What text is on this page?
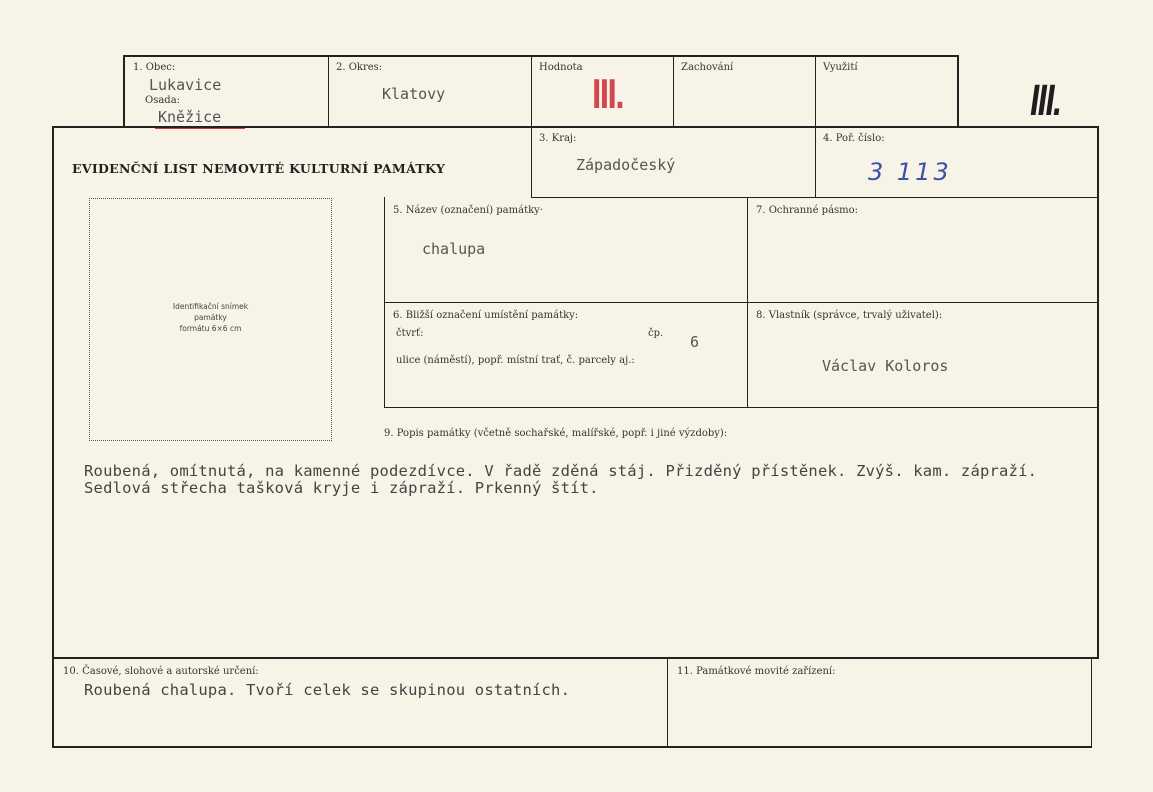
1. Obec:
Lukavice
Osada:
Kněžice
2. Okres:
Klatovy
Hodnota
III.
Zachování	Využití
III.
EVIDENČNÍ LIST NEMOVITÉ KULTURNÍ PAMÁTKY
3. Kraj:
Západočeský
4. Poř. číslo:
3 113
Identifikační snímek
památky
formátu 6×6 cm
5. Název (označení) památky·
chalupa
7. Ochranné pásmo:
6. Bližší označení umístění památky:
čtvrť:	čp. 6
ulice (náměstí), popř. místní trať, č. parcely aj.:
8. Vlastník (správce, trvalý uživatel):
Václav Koloros
9. Popis památky (včetně sochařské, malířské, popř. i jiné výzdoby):
Roubená, omítnutá, na kamenné podezdívce. V řadě zděná stáj. Přizděný přístěnek. Zvýš. kam. zápraží.
Sedlová střecha tašková kryje i zápraží. Prkenný štít.
10. Časové, slohové a autorské určení:
Roubená chalupa. Tvoří celek se skupinou ostatních.
11. Památkové movité zařízení:
